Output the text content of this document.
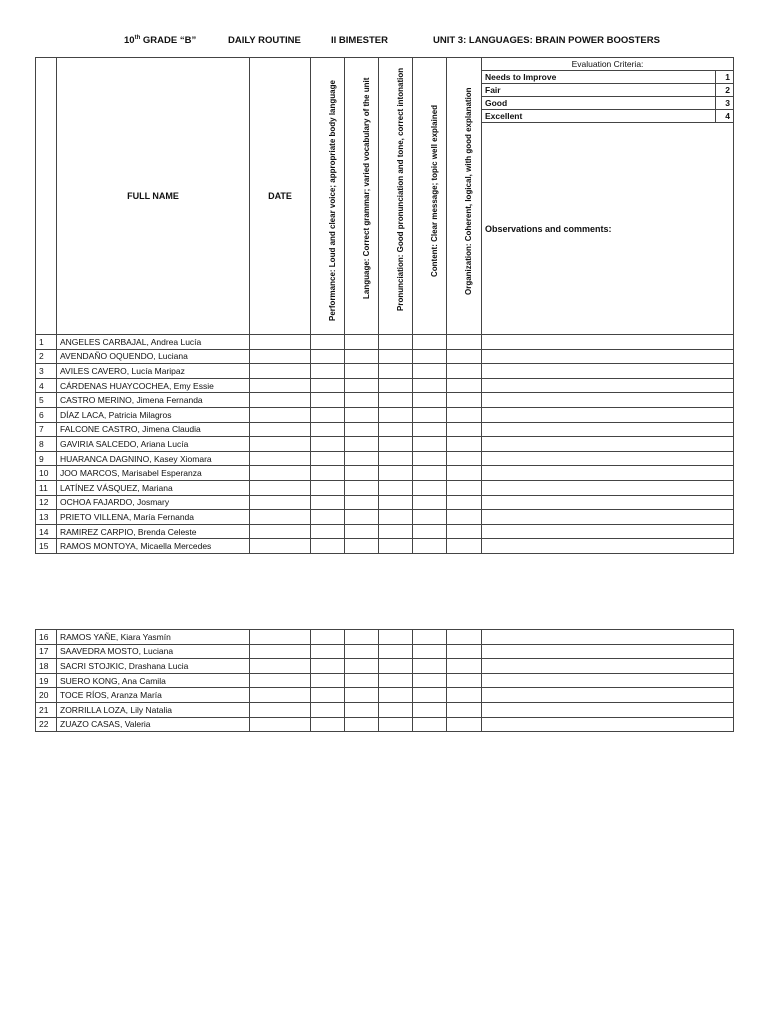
10th GRADE “B”	DAILY ROUTINE	II BIMESTER	UNIT 3: LANGUAGES: BRAIN POWER BOOSTERS
	FULL NAME	DATE	Performance: Loud and clear voice; appropriate body language	Language: Correct grammar; varied vocabulary of the unit	Pronunciation: Good pronunciation and tone, correct intonation	Content: Clear message; topic well explained	Organization: Coherent, logical, with good explanation	Evaluation Criteria:	
								Needs to Improve	1
								Fair	2
								Good	3
								Excellent	4
								Observations and comments:	
1	ANGELES CARBAJAL, Andrea Lucía								
2	AVENDAÑO OQUENDO, Luciana								
3	AVILES CAVERO, Lucía Maripaz								
4	CÁRDENAS HUAYCOCHEA, Emy Essie								
5	CASTRO MERINO, Jimena Fernanda								
6	DÍAZ LACA, Patricia Milagros								
7	FALCONE CASTRO, Jimena Claudia								
8	GAVIRIA SALCEDO, Ariana Lucía								
9	HUARANCA DAGNINO, Kasey Xiomara								
10	JOO MARCOS, Marisabel Esperanza								
11	LATÍNEZ VÁSQUEZ, Mariana								
12	OCHOA FAJARDO, Josmary								
13	PRIETO VILLENA, María Fernanda								
14	RAMIREZ CARPIO, Brenda Celeste								
15	RAMOS MONTOYA, Micaella Mercedes								
16	RAMOS YAÑE, Kiara Yasmín							
17	SAAVEDRA MOSTO, Luciana							
18	SACRI STOJKIC, Drashana Lucia							
19	SUERO KONG, Ana Camila							
20	TOCE RÍOS, Aranza María							
21	ZORRILLA LOZA, Lily Natalia							
22	ZUAZO CASAS, Valeria							
